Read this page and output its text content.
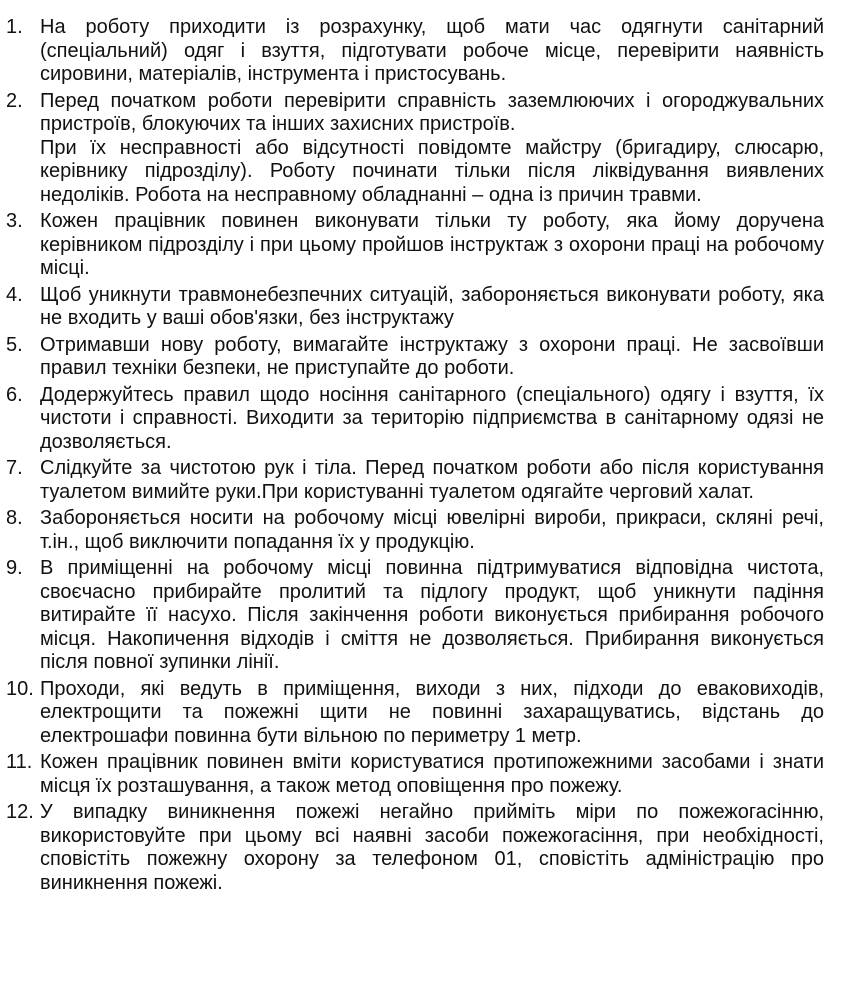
1. На роботу приходити із розрахунку, щоб мати час одягнути санітарний (спеціальний) одяг і взуття, підготувати робоче місце, перевірити наявність сировини, матеріалів, інструмента і пристосувань.
2. Перед початком роботи перевірити справність заземлюючих і огороджувальних пристроїв, блокуючих та інших захисних пристроїв.
При їх несправності або відсутності повідомте майстру (бригадиру, слюсарю, керівнику підрозділу). Роботу починати тільки після ліквідування виявлених недоліків. Робота на несправному обладнанні – одна із причин травми.
3. Кожен працівник повинен виконувати тільки ту роботу, яка йому доручена керівником підрозділу і при цьому пройшов інструктаж з охорони праці на робочому місці.
4. Щоб уникнути травмонебезпечних ситуацій, забороняється виконувати роботу, яка не входить у ваші обов'язки, без інструктажу
5. Отримавши нову роботу, вимагайте інструктажу з охорони праці. Не засвоївши правил техніки безпеки, не приступайте до роботи.
6. Додержуйтесь правил щодо носіння санітарного (спеціального) одягу і взуття, їх чистоти і справності. Виходити за територію підприємства в санітарному одязі не дозволяється.
7. Слідкуйте за чистотою рук і тіла. Перед початком роботи або після користування туалетом вимийте руки.При користуванні туалетом одягайте черговий халат.
8. Забороняється носити на робочому місці ювелірні вироби, прикраси, скляні речі, т.ін., щоб виключити попадання їх у продукцію.
9. В приміщенні на робочому місці повинна підтримуватися відповідна чистота, своєчасно прибирайте пролитий та підлогу продукт, щоб уникнути падіння витирайте її насухо. Після закінчення роботи виконується прибирання робочого місця. Накопичення відходів і сміття не дозволяється. Прибирання виконується після повної зупинки лінії.
10. Проходи, які ведуть в приміщення, виходи з них, підходи до еваковиходів, електрощити та пожежні щити не повинні захаращуватись, відстань до електрошафи повинна бути вільною по периметру 1 метр.
11. Кожен працівник повинен вміти користуватися протипожежними засобами і знати місця їх розташування, а також метод оповіщення про пожежу.
12. У випадку виникнення пожежі негайно прийміть міри по пожежогасінню, використовуйте при цьому всі наявні засоби пожежогасіння, при необхідності, сповістіть пожежну охорону за телефоном 01, сповістіть адміністрацію про виникнення пожежі.
